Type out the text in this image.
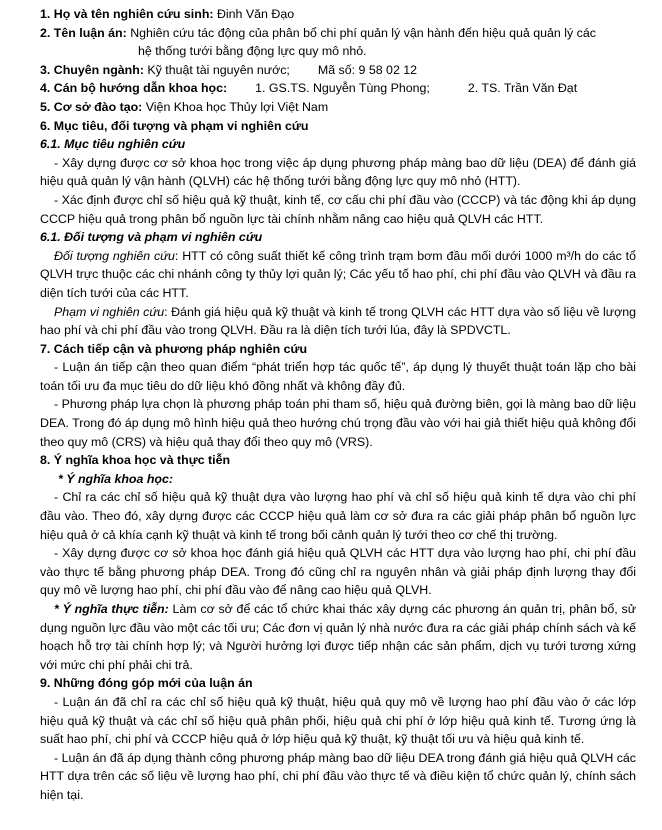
1. Họ và tên nghiên cứu sinh: Đinh Văn Đạo

2. Tên luận án: Nghiên cứu tác động của phân bổ chi phí quản lý vận hành đến hiệu quả quản lý các

hệ thống tưới bằng động lực quy mô nhỏ.

3. Chuyên ngành: Kỹ thuật tài nguyên nước; Mã số: 9 58 02 12

4. Cán bộ hướng dẫn khoa học: 1. GS.TS. Nguyễn Tùng Phong;	2. TS. Trần Văn Đạt

5. Cơ sở đào tạo: Viện Khoa học Thủy lợi Việt Nam

6. Mục tiêu, đối tượng và phạm vi nghiên cứu

6.1. Mục tiêu nghiên cứu

- Xây dựng được cơ sở khoa học trong việc áp dụng phương pháp màng bao dữ liệu (DEA) để đánh giá hiệu quả quản lý vận hành (QLVH) các hệ thống tưới bằng động lực quy mô nhỏ (HTT).

- Xác định được chỉ số hiệu quả kỹ thuật, kinh tế, cơ cấu chi phí đầu vào (CCCP) và tác động khi áp dụng CCCP hiệu quả trong phân bổ nguồn lực tài chính nhằm nâng cao hiệu quả QLVH các HTT.

6.1. Đối tượng và phạm vi nghiên cứu

Đối tượng nghiên cứu: HTT có công suất thiết kế công trình trạm bơm đầu mối dưới 1000 m³/h do các tổ QLVH trực thuộc các chi nhánh công ty thủy lợi quản lý; Các yếu tố hao phí, chi phí đầu vào QLVH và đầu ra diện tích tưới của các HTT.

Phạm vi nghiên cứu: Đánh giá hiệu quả kỹ thuật và kinh tế trong QLVH các HTT dựa vào số liệu về lượng hao phí và chi phí đầu vào trong QLVH. Đầu ra là diện tích tưới lúa, đây là SPDVCTL.

7. Cách tiếp cận và phương pháp nghiên cứu

- Luận án tiếp cận theo quan điểm “phát triển hợp tác quốc tế”, áp dụng lý thuyết thuật toán lặp cho bài toán tối ưu đa mục tiêu do dữ liệu khó đồng nhất và không đầy đủ.

- Phương pháp lựa chọn là phương pháp toán phi tham số, hiệu quả đường biên, gọi là màng bao dữ liệu DEA. Trong đó áp dụng mô hình hiệu quả theo hướng chú trọng đầu vào với hai giả thiết hiệu quả không đổi theo quy mô (CRS) và hiệu quả thay đổi theo quy mô (VRS).

8. Ý nghĩa khoa học và thực tiễn

* Ý nghĩa khoa học:

- Chỉ ra các chỉ số hiệu quả kỹ thuật dựa vào lượng hao phí và chỉ số hiệu quả kinh tế dựa vào chi phí đầu vào. Theo đó, xây dựng được các CCCP hiệu quả làm cơ sở đưa ra các giải pháp phân bổ nguồn lực hiệu quả ở cả khía cạnh kỹ thuật và kinh tế trong bối cảnh quản lý tưới theo cơ chế thị trường.

- Xây dựng được cơ sở khoa học đánh giá hiệu quả QLVH các HTT dựa vào lượng hao phí, chi phí đầu vào thực tế bằng phương pháp DEA. Trong đó cũng chỉ ra nguyên nhân và giải pháp định lượng thay đổi quy mô về lượng hao phí, chi phí đầu vào để nâng cao hiệu quả QLVH.

* Ý nghĩa thực tiễn: Làm cơ sở để các tổ chức khai thác xây dựng các phương án quản trị, phân bổ, sử dụng nguồn lực đầu vào một các tối ưu; Các đơn vị quản lý nhà nước đưa ra các giải pháp chính sách và kế hoạch hỗ trợ tài chính hợp lý; và Người hưởng lợi được tiếp nhận các sản phẩm, dịch vụ tưới tương xứng với mức chi phí phải chi trả.

9. Những đóng góp mới của luận án

- Luận án đã chỉ ra các chỉ số hiệu quả kỹ thuật, hiệu quả quy mô về lượng hao phí đầu vào ở các lớp hiệu quả kỹ thuật và các chỉ số hiệu quả phân phối, hiệu quả chi phí ở lớp hiệu quả kinh tế. Tương ứng là suất hao phí, chi phí và CCCP hiệu quả ở lớp hiệu quả kỹ thuật, kỹ thuật tối ưu và hiệu quả kinh tế.

- Luận án đã áp dụng thành công phương pháp màng bao dữ liệu DEA trong đánh giá hiệu quả QLVH các HTT dựa trên các số liệu về lượng hao phí, chi phí đầu vào thực tế và điều kiện tổ chức quản lý, chính sách hiện tại.
